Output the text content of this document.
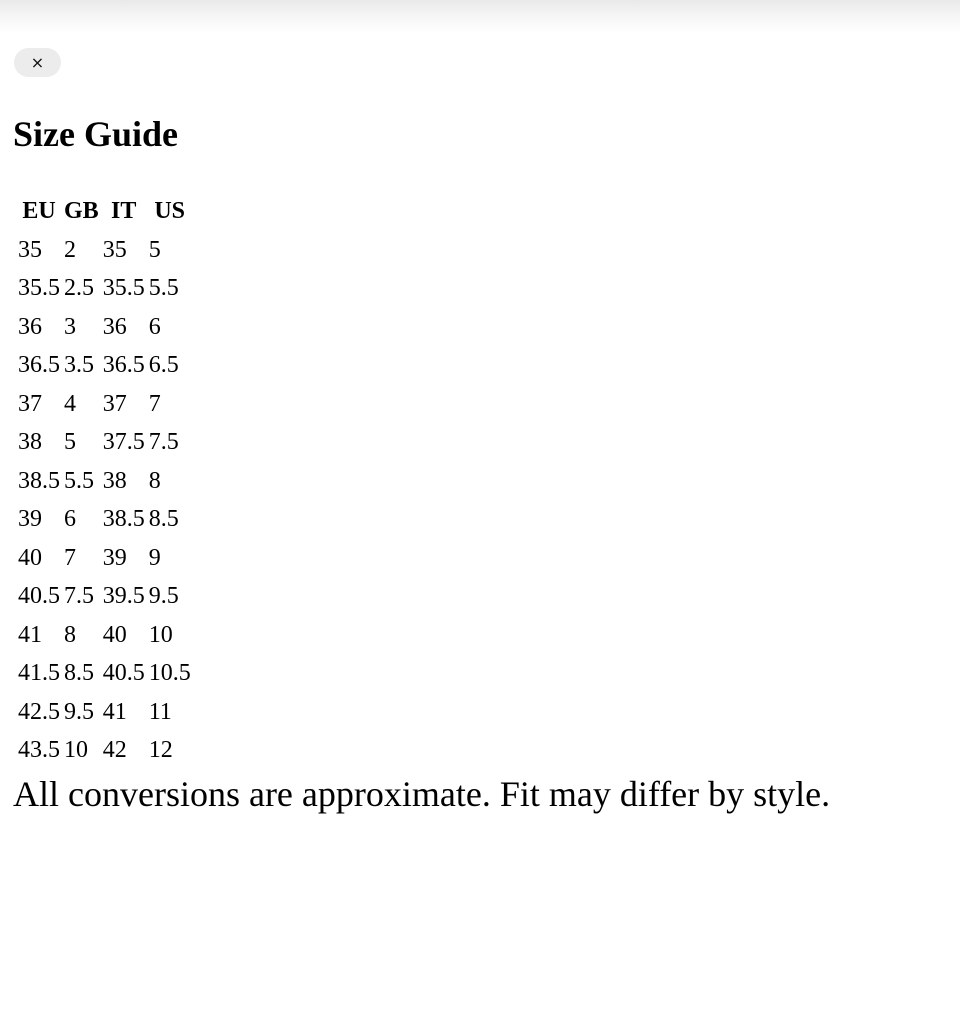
×
Size Guide
EU	GB	IT	US
35	2	35	5
35.5	2.5	35.5	5.5
36	3	36	6
36.5	3.5	36.5	6.5
37	4	37	7
38	5	37.5	7.5
38.5	5.5	38	8
39	6	38.5	8.5
40	7	39	9
40.5	7.5	39.5	9.5
41	8	40	10
41.5	8.5	40.5	10.5
42.5	9.5	41	11
43.5	10	42	12

All conversions are approximate. Fit may differ by style.
